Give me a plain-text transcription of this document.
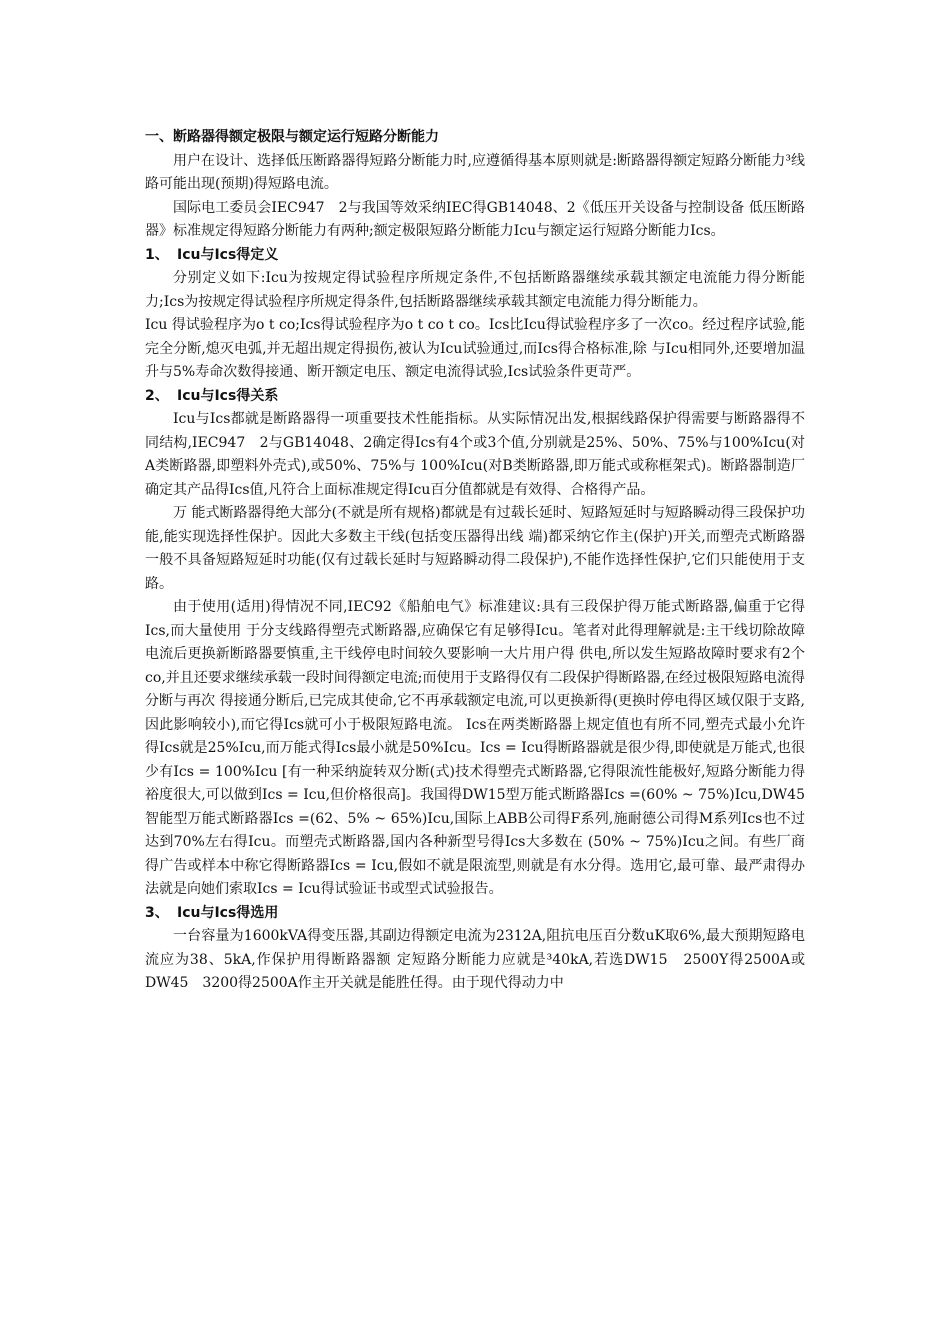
一、断路器得额定极限与额定运行短路分断能力

用户在设计、选择低压断路器得短路分断能力时,应遵循得基本原则就是:断路器得额定短路分断能力³线路可能出现(预期)得短路电流。

国际电工委员会IEC947　2与我国等效采纳IEC得GB14048、2《低压开关设备与控制设备 低压断路器》标准规定得短路分断能力有两种;额定极限短路分断能力Icu与额定运行短路分断能力Ics。

1、 Icu与Ics得定义

分别定义如下:Icu为按规定得试验程序所规定条件,不包括断路器继续承载其额定电流能力得分断能力;Ics为按规定得试验程序所规定得条件,包括断路器继续承载其额定电流能力得分断能力。

Icu 得试验程序为o t co;Ics得试验程序为o t co t co。Ics比Icu得试验程序多了一次co。经过程序试验,能完全分断,熄灭电弧,并无超出规定得损伤,被认为Icu试验通过,而Ics得合格标准,除 与Icu相同外,还要增加温升与5%寿命次数得接通、断开额定电压、额定电流得试验,Ics试验条件更苛严。

2、 Icu与Ics得关系

Icu与Ics都就是断路器得一项重要技术性能指标。从实际情况出发,根据线路保护得需要与断路器得不同结构,IEC947　2与GB14048、2确定得Ics有4个或3个值,分别就是25%、50%、75%与100%Icu(对A类断路器,即塑料外壳式),或50%、75%与 100%Icu(对B类断路器,即万能式或称框架式)。断路器制造厂确定其产品得Ics值,凡符合上面标准规定得Icu百分值都就是有效得、合格得产品。

万 能式断路器得绝大部分(不就是所有规格)都就是有过载长延时、短路短延时与短路瞬动得三段保护功能,能实现选择性保护。因此大多数主干线(包括变压器得出线 端)都采纳它作主(保护)开关,而塑壳式断路器一般不具备短路短延时功能(仅有过载长延时与短路瞬动得二段保护),不能作选择性保护,它们只能使用于支 路。

由于使用(适用)得情况不同,IEC92《船舶电气》标准建议:具有三段保护得万能式断路器,偏重于它得Ics,而大量使用 于分支线路得塑壳式断路器,应确保它有足够得Icu。笔者对此得理解就是:主干线切除故障电流后更换新断路器要慎重,主干线停电时间较久要影响一大片用户得 供电,所以发生短路故障时要求有2个co,并且还要求继续承载一段时间得额定电流;而使用于支路得仅有二段保护得断路器,在经过极限短路电流得分断与再次 得接通分断后,已完成其使命,它不再承载额定电流,可以更换新得(更换时停电得区域仅限于支路,因此影响较小),而它得Ics就可小于极限短路电流。 Ics在两类断路器上规定值也有所不同,塑壳式最小允许得Ics就是25%Icu,而万能式得Ics最小就是50%Icu。Ics = Icu得断路器就是很少得,即使就是万能式,也很少有Ics = 100%Icu [有一种采纳旋转双分断(式)技术得塑壳式断路器,它得限流性能极好,短路分断能力得裕度很大,可以做到Ics = Icu,但价格很高]。我国得DW15型万能式断路器Ics =(60% ~ 75%)Icu,DW45智能型万能式断路器Ics =(62、5% ~ 65%)Icu,国际上ABB公司得F系列,施耐德公司得M系列Ics也不过达到70%左右得Icu。而塑壳式断路器,国内各种新型号得Ics大多数在 (50% ~ 75%)Icu之间。有些厂商得广告或样本中称它得断路器Ics = Icu,假如不就是限流型,则就是有水分得。选用它,最可靠、最严肃得办法就是向她们索取Ics = Icu得试验证书或型式试验报告。

3、 Icu与Ics得选用

一台容量为1600kVA得变压器,其副边得额定电流为2312A,阻抗电压百分数uK取6%,最大预期短路电流应为38、5kA,作保护用得断路器额 定短路分断能力应就是³40kA,若选DW15　2500Y得2500A或DW45　3200得2500A作主开关就是能胜任得。由于现代得动力中
